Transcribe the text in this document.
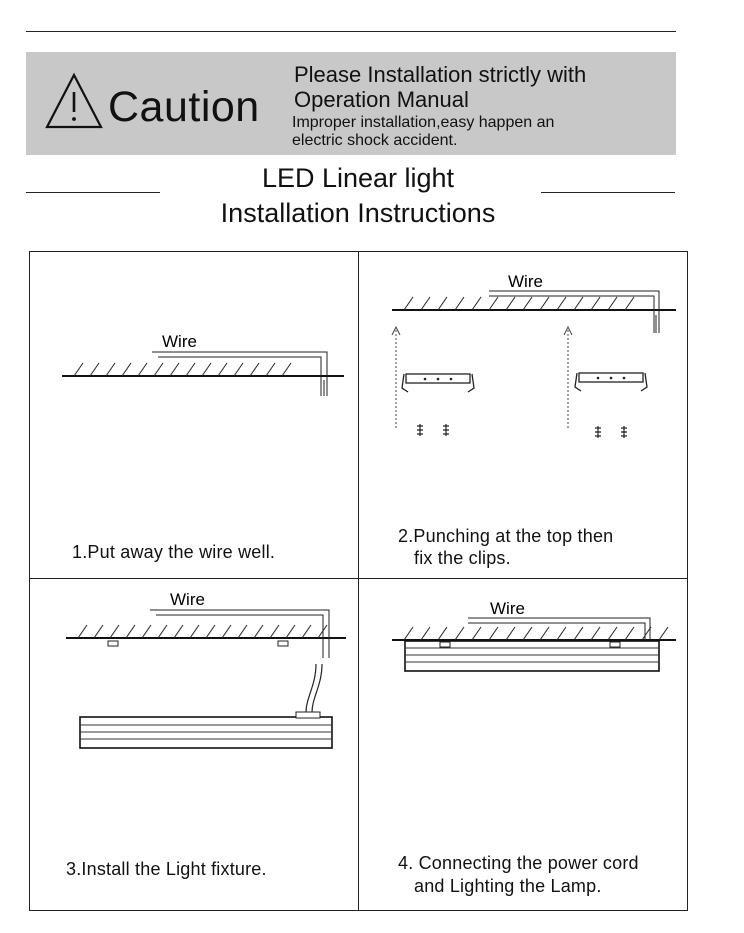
Caution
Please Installation strictly with
Operation Manual
Improper installation,easy happen an
electric shock accident.
LED Linear light
Installation Instructions
Wire
Wire
Wire	Wire
1.Put away the wire well.
2.Punching at the top then
fix the clips.
3.Install the Light fixture.	4. Connecting the power cord
and Lighting the Lamp.
